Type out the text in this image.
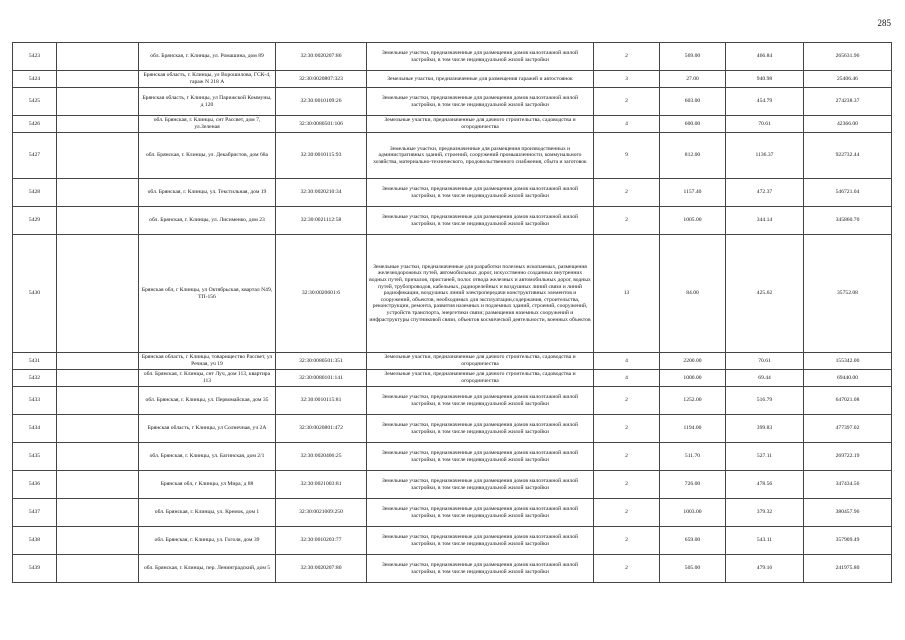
285
5423		обл. Брянская, г. Клинцы, ул. Ромашина, дом 89	32:30:0020207:86	Земельные участки, предназначенные для размещения домов малоэтажной жилой застройки, в том числе индивидуальной жилой застройки	2	569.00	466.84	265631.96
5424		Брянская область, г. Клинцы, ул Ворошилова, ГСК-4, гараж N 218 А	32:30:0020807:323	Земельные участки, предназначенные для размещения гаражей и автостоянок	3	27.00	940.98	25406.46
5425		Брянская область, г Клинцы, ул Парижской Коммуны, д 120	32:30:0010109:26	Земельные участки, предназначенные для размещения домов малоэтажной жилой застройки, в том числе индивидуальной жилой застройки	2	603.00	454.79	274238.37
5426		обл. Брянская, г. Клинцы, снт Рассвет, дом 7, ул.Зеленая	32:30:0080501:106	Земельные участки, предназначенные для дачного строительства, садоводства и огородничества	4	600.00	70.61	42366.00
5427		обл. Брянская, г. Клинцы, ул. Декабристов, дом 68а	32:30:0010115:93	Земельные участки, предназначенные для размещения производственных и административных зданий, строений, сооружений промышленности, коммунального хозяйства, материально-технического, продовольственного снабжения, сбыта и заготовок	9	812.00	1136.37	922732.44
5428		обл. Брянская, г. Клинцы, ул. Текстильная, дом 19	32:30:0020210:34	Земельные участки, предназначенные для размещения домов малоэтажной жилой застройки, в том числе индивидуальной жилой застройки	2	1157.40	472.37	546721.04
5429		обл. Брянская, г. Клинцы, ул. Лисименко, дом 23	32:30:0021112:58	Земельные участки, предназначенные для размещения домов малоэтажной жилой застройки, в том числе индивидуальной жилой застройки	2	1005.00	344.14	345860.70
5430		Брянская обл, г Клинцы, ул Октябрьская, квартал N49, ТП-156	32:30:0020601:6	Земельные участки, предназначенные для разработки полезных ископаемых, размещения железнодорожных путей, автомобильных дорог, искусственно созданных внутренних водных путей, причалов, пристаней, полос отвода железных и автомобильных дорог, водных путей, трубопроводов, кабельных, радиорелейных и воздушных линий связи и линий радиофикации, воздушных линий электропередачи конструктивных элементов и сооружений, объектов, необходимых для эксплуатации,содержания, строительства, реконструкции, ремонта, развития наземных и подземных зданий, строений, сооружений, устройств транспорта, энергетики связи; размещения наземных сооружений и инфраструктуры спутниковой связи, объектов космической деятельности, военных объектов	13	84.00	425.62	35752.08
5431		Брянская область, г Клинцы, товарищество Рассвет, ул Речная, уч 19	32:30:0080501:351	Земельные участки, предназначенные для дачного строительства, садоводства и огородничества	4	2200.00	70.61	155342.00
5432		обл. Брянская, г. Клинцы, снт Луч, дом 113, квартира 113	32:30:0080101:141	Земельные участки, предназначенные для дачного строительства, садоводства и огородничества	4	1000.00	69.44	69440.00
5433		обл. Брянская, г. Клинцы, ул. Первомайская, дом 35	32:30:0010115:81	Земельные участки, предназначенные для размещения домов малоэтажной жилой застройки, в том числе индивидуальной жилой застройки	2	1252.00	516.79	647021.08
5434		Брянская область, г Клинцы, ул Солнечная, уч 2А	32:30:0020801:472	Земельные участки, предназначенные для размещения домов малоэтажной жилой застройки, в том числе индивидуальной жилой застройки	2	1194.00	399.83	477397.02
5435		обл. Брянская, г. Клинцы, ул. Багинская, дом 2/1	32:30:0020406:25	Земельные участки, предназначенные для размещения домов малоэтажной жилой застройки, в том числе индивидуальной жилой застройки	2	511.70	527.11	269722.19
5436		Брянская обл, г Клинцы, ул Мира, д 88	32:30:0021003:81	Земельные участки, предназначенные для размещения домов малоэтажной жилой застройки, в том числе индивидуальной жилой застройки	2	726.00	478.56	347434.56
5437		обл. Брянская, г. Клинцы, ул. Кремок, дом 1	32:30:0021009:250	Земельные участки, предназначенные для размещения домов малоэтажной жилой застройки, в том числе индивидуальной жилой застройки	2	1003.00	379.32	380457.96
5438		обл. Брянская, г. Клинцы, ул. Гоголя, дом 39	32:30:0010203:77	Земельные участки, предназначенные для размещения домов малоэтажной жилой застройки, в том числе индивидуальной жилой застройки	2	659.00	543.11	357909.49
5439		обл. Брянская, г. Клинцы, пер. Ленинградский, дом 5	32:30:0020207:80	Земельные участки, предназначенные для размещения домов малоэтажной жилой застройки, в том числе индивидуальной жилой застройки	2	505.00	479.16	241975.80
